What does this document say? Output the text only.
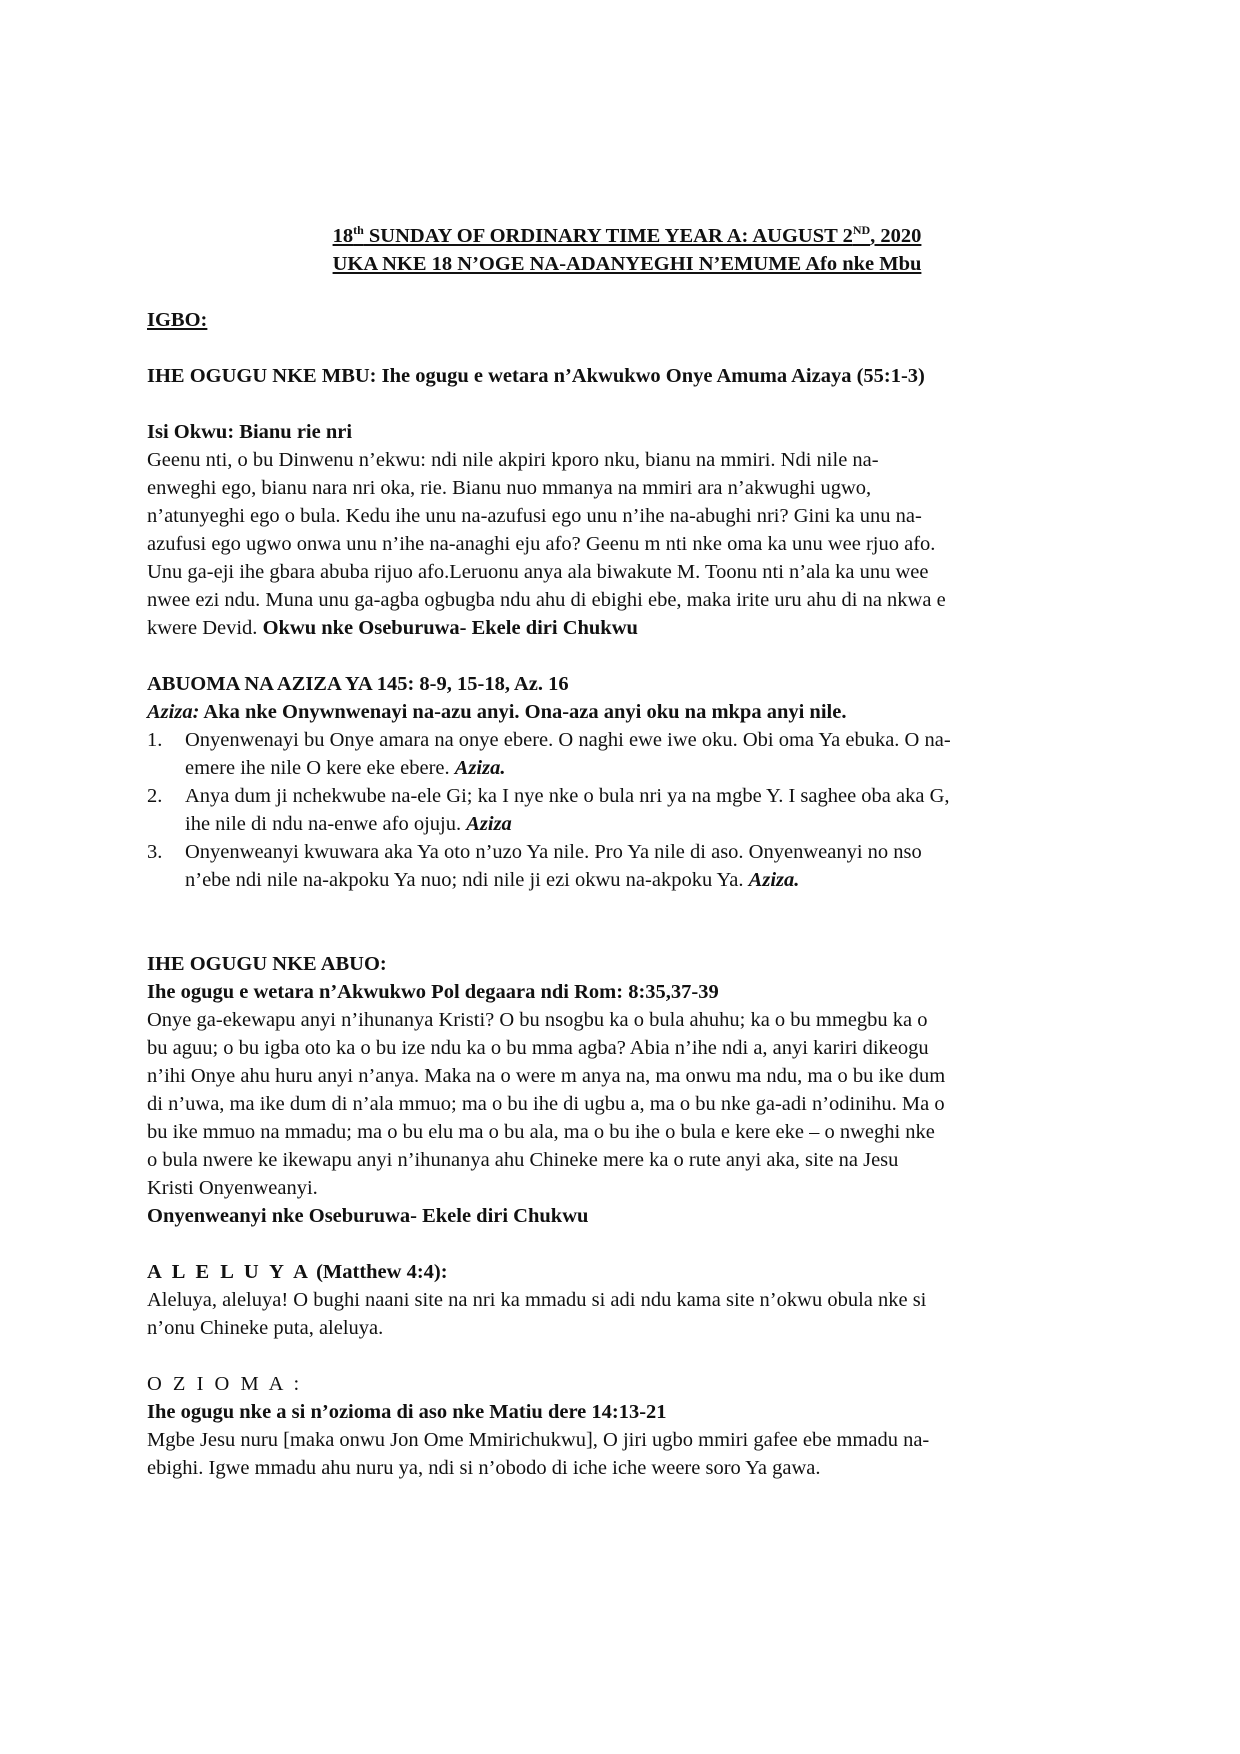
18th SUNDAY OF ORDINARY TIME YEAR A: AUGUST 2ND, 2020

UKA NKE 18 N’OGE NA-ADANYEGHI N’EMUME Afo nke Mbu

IGBO:

IHE OGUGU NKE MBU: Ihe ogugu e wetara n’Akwukwo Onye Amuma Aizaya (55:1-3)

Isi Okwu: Bianu rie nri

Geenu nti, o bu Dinwenu n’ekwu: ndi nile akpiri kporo nku, bianu na mmiri. Ndi nile na-

enweghi ego, bianu nara nri oka, rie. Bianu nuo mmanya na mmiri ara n’akwughi ugwo,

n’atunyeghi ego o bula. Kedu ihe unu na-azufusi ego unu n’ihe na-abughi nri? Gini ka unu na-

azufusi ego ugwo onwa unu n’ihe na-anaghi eju afo? Geenu m nti nke oma ka unu wee rjuo afo.

Unu ga-eji ihe gbara abuba rijuo afo.Leruonu anya ala biwakute M. Toonu nti n’ala ka unu wee

nwee ezi ndu. Muna unu ga-agba ogbugba ndu ahu di ebighi ebe, maka irite uru ahu di na nkwa e

kwere Devid. Okwu nke Oseburuwa- Ekele diri Chukwu

ABUOMA NA AZIZA YA 145: 8-9, 15-18, Az. 16

Aziza: Aka nke Onywnwenayi na-azu anyi. Ona-aza anyi oku na mkpa anyi nile.

1. Onyenwenayi bu Onye amara na onye ebere. O naghi ewe iwe oku. Obi oma Ya ebuka. O na-

emere ihe nile O kere eke ebere. Aziza.

2. Anya dum ji nchekwube na-ele Gi; ka I nye nke o bula nri ya na mgbe Y. I saghee oba aka G,

ihe nile di ndu na-enwe afo ojuju. Aziza

3. Onyenweanyi kwuwara aka Ya oto n’uzo Ya nile. Pro Ya nile di aso. Onyenweanyi no nso

n’ebe ndi nile na-akpoku Ya nuo; ndi nile ji ezi okwu na-akpoku Ya. Aziza.

IHE OGUGU NKE ABUO:

Ihe ogugu e wetara n’Akwukwo Pol degaara ndi Rom: 8:35,37-39

Onye ga-ekewapu anyi n’ihunanya Kristi? O bu nsogbu ka o bula ahuhu; ka o bu mmegbu ka o

bu aguu; o bu igba oto ka o bu ize ndu ka o bu mma agba? Abia n’ihe ndi a, anyi kariri dikeogu

n’ihi Onye ahu huru anyi n’anya. Maka na o were m anya na, ma onwu ma ndu, ma o bu ike dum

di n’uwa, ma ike dum di n’ala mmuo; ma o bu ihe di ugbu a, ma o bu nke ga-adi n’odinihu. Ma o

bu ike mmuo na mmadu; ma o bu elu ma o bu ala, ma o bu ihe o bula e kere eke – o nweghi nke

o bula nwere ke ikewapu anyi n’ihunanya ahu Chineke mere ka o rute anyi aka, site na Jesu

Kristi Onyenweanyi.

Onyenweanyi nke Oseburuwa- Ekele diri Chukwu

A L E L U Y A (Matthew 4:4):

Aleluya, aleluya! O bughi naani site na nri ka mmadu si adi ndu kama site n’okwu obula nke si

n’onu Chineke puta, aleluya.

O Z I O M A :

Ihe ogugu nke a si n’ozioma di aso nke Matiu dere 14:13-21

Mgbe Jesu nuru [maka onwu Jon Ome Mmirichukwu], O jiri ugbo mmiri gafee ebe mmadu na-

ebighi. Igwe mmadu ahu nuru ya, ndi si n’obodo di iche iche weere soro Ya gawa.
